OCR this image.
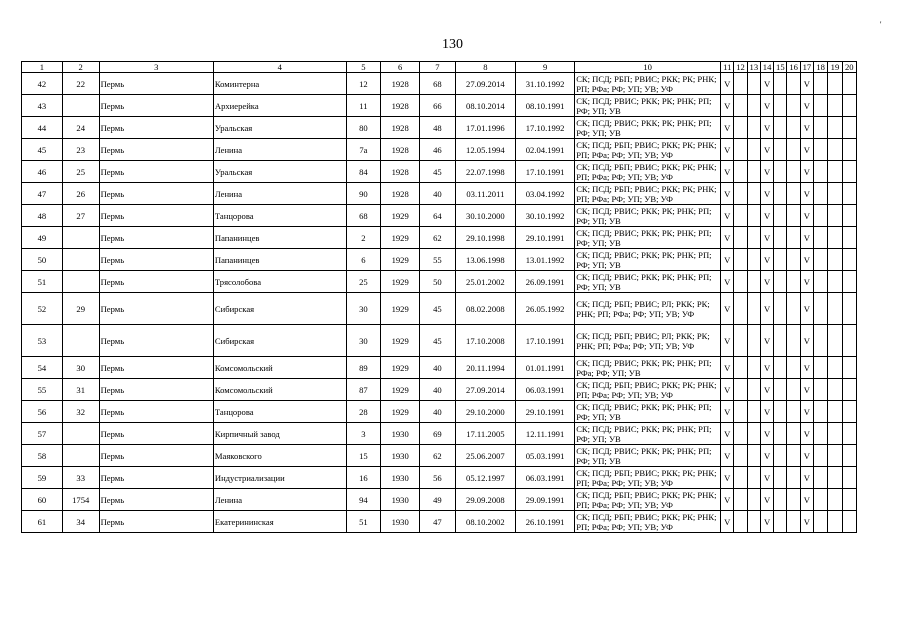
130
'
1	2	3	4	5	6	7	8	9	10	11	12	13	14	15	16	17	18	19	20
42	22	Пермь	Коминтерна	12	1928	68	27.09.2014	31.10.1992	СК; ПСД; РБП; РВИС; РКК; РК; РНК; РП; РФа; РФ; УП; УВ; УФ	V			V			V			
43		Пермь	Архиерейка	11	1928	66	08.10.2014	08.10.1991	СК; ПСД; РВИС; РКК; РК; РНК; РП; РФ; УП; УВ	V			V			V			
44	24	Пермь	Уральская	80	1928	48	17.01.1996	17.10.1992	СК; ПСД; РВИС; РКК; РК; РНК; РП; РФ; УП; УВ	V			V			V			
45	23	Пермь	Ленина	7а	1928	46	12.05.1994	02.04.1991	СК; ПСД; РБП; РВИС; РКК; РК; РНК; РП; РФа; РФ; УП; УВ; УФ	V			V			V			
46	25	Пермь	Уральская	84	1928	45	22.07.1998	17.10.1991	СК; ПСД; РБП; РВИС; РКК; РК; РНК; РП; РФа; РФ; УП; УВ; УФ	V			V			V			
47	26	Пермь	Ленина	90	1928	40	03.11.2011	03.04.1992	СК; ПСД; РБП; РВИС; РКК; РК; РНК; РП; РФа; РФ; УП; УВ; УФ	V			V			V			
48	27	Пермь	Танцорова	68	1929	64	30.10.2000	30.10.1992	СК; ПСД; РВИС; РКК; РК; РНК; РП; РФ; УП; УВ	V			V			V			
49		Пермь	Папанинцев	2	1929	62	29.10.1998	29.10.1991	СК; ПСД; РВИС; РКК; РК; РНК; РП; РФ; УП; УВ	V			V			V			
50		Пермь	Папанинцев	6	1929	55	13.06.1998	13.01.1992	СК; ПСД; РВИС; РКК; РК; РНК; РП; РФ; УП; УВ	V			V			V			
51		Пермь	Трясолобова	25	1929	50	25.01.2002	26.09.1991	СК; ПСД; РВИС; РКК; РК; РНК; РП; РФ; УП; УВ	V			V			V			
52	29	Пермь	Сибирская	30	1929	45	08.02.2008	26.05.1992	СК; ПСД; РБП; РВИС; РЛ; РКК; РК; РНК; РП; РФа; РФ; УП; УВ; УФ	V			V			V			
53		Пермь	Сибирская	30	1929	45	17.10.2008	17.10.1991	СК; ПСД; РБП; РВИС; РЛ; РКК; РК; РНК; РП; РФа; РФ; УП; УВ; УФ	V			V			V			
54	30	Пермь	Комсомольский	89	1929	40	20.11.1994	01.01.1991	СК; ПСД; РВИС; РКК; РК; РНК; РП; РФа; РФ; УП; УВ	V			V			V			
55	31	Пермь	Комсомольский	87	1929	40	27.09.2014	06.03.1991	СК; ПСД; РБП; РВИС; РКК; РК; РНК; РП; РФа; РФ; УП; УВ; УФ	V			V			V			
56	32	Пермь	Танцорова	28	1929	40	29.10.2000	29.10.1991	СК; ПСД; РВИС; РКК; РК; РНК; РП; РФ; УП; УВ	V			V			V			
57		Пермь	Кирпичный завод	3	1930	69	17.11.2005	12.11.1991	СК; ПСД; РВИС; РКК; РК; РНК; РП; РФ; УП; УВ	V			V			V			
58		Пермь	Маяковского	15	1930	62	25.06.2007	05.03.1991	СК; ПСД; РВИС; РКК; РК; РНК; РП; РФ; УП; УВ	V			V			V			
59	33	Пермь	Индустриализации	16	1930	56	05.12.1997	06.03.1991	СК; ПСД; РБП; РВИС; РКК; РК; РНК; РП; РФа; РФ; УП; УВ; УФ	V			V			V			
60	1754	Пермь	Ленина	94	1930	49	29.09.2008	29.09.1991	СК; ПСД; РБП; РВИС; РКК; РК; РНК; РП; РФа; РФ; УП; УВ; УФ	V			V			V			
61	34	Пермь	Екатерининская	51	1930	47	08.10.2002	26.10.1991	СК; ПСД; РБП; РВИС; РКК; РК; РНК; РП; РФа; РФ; УП; УВ; УФ	V			V			V			
